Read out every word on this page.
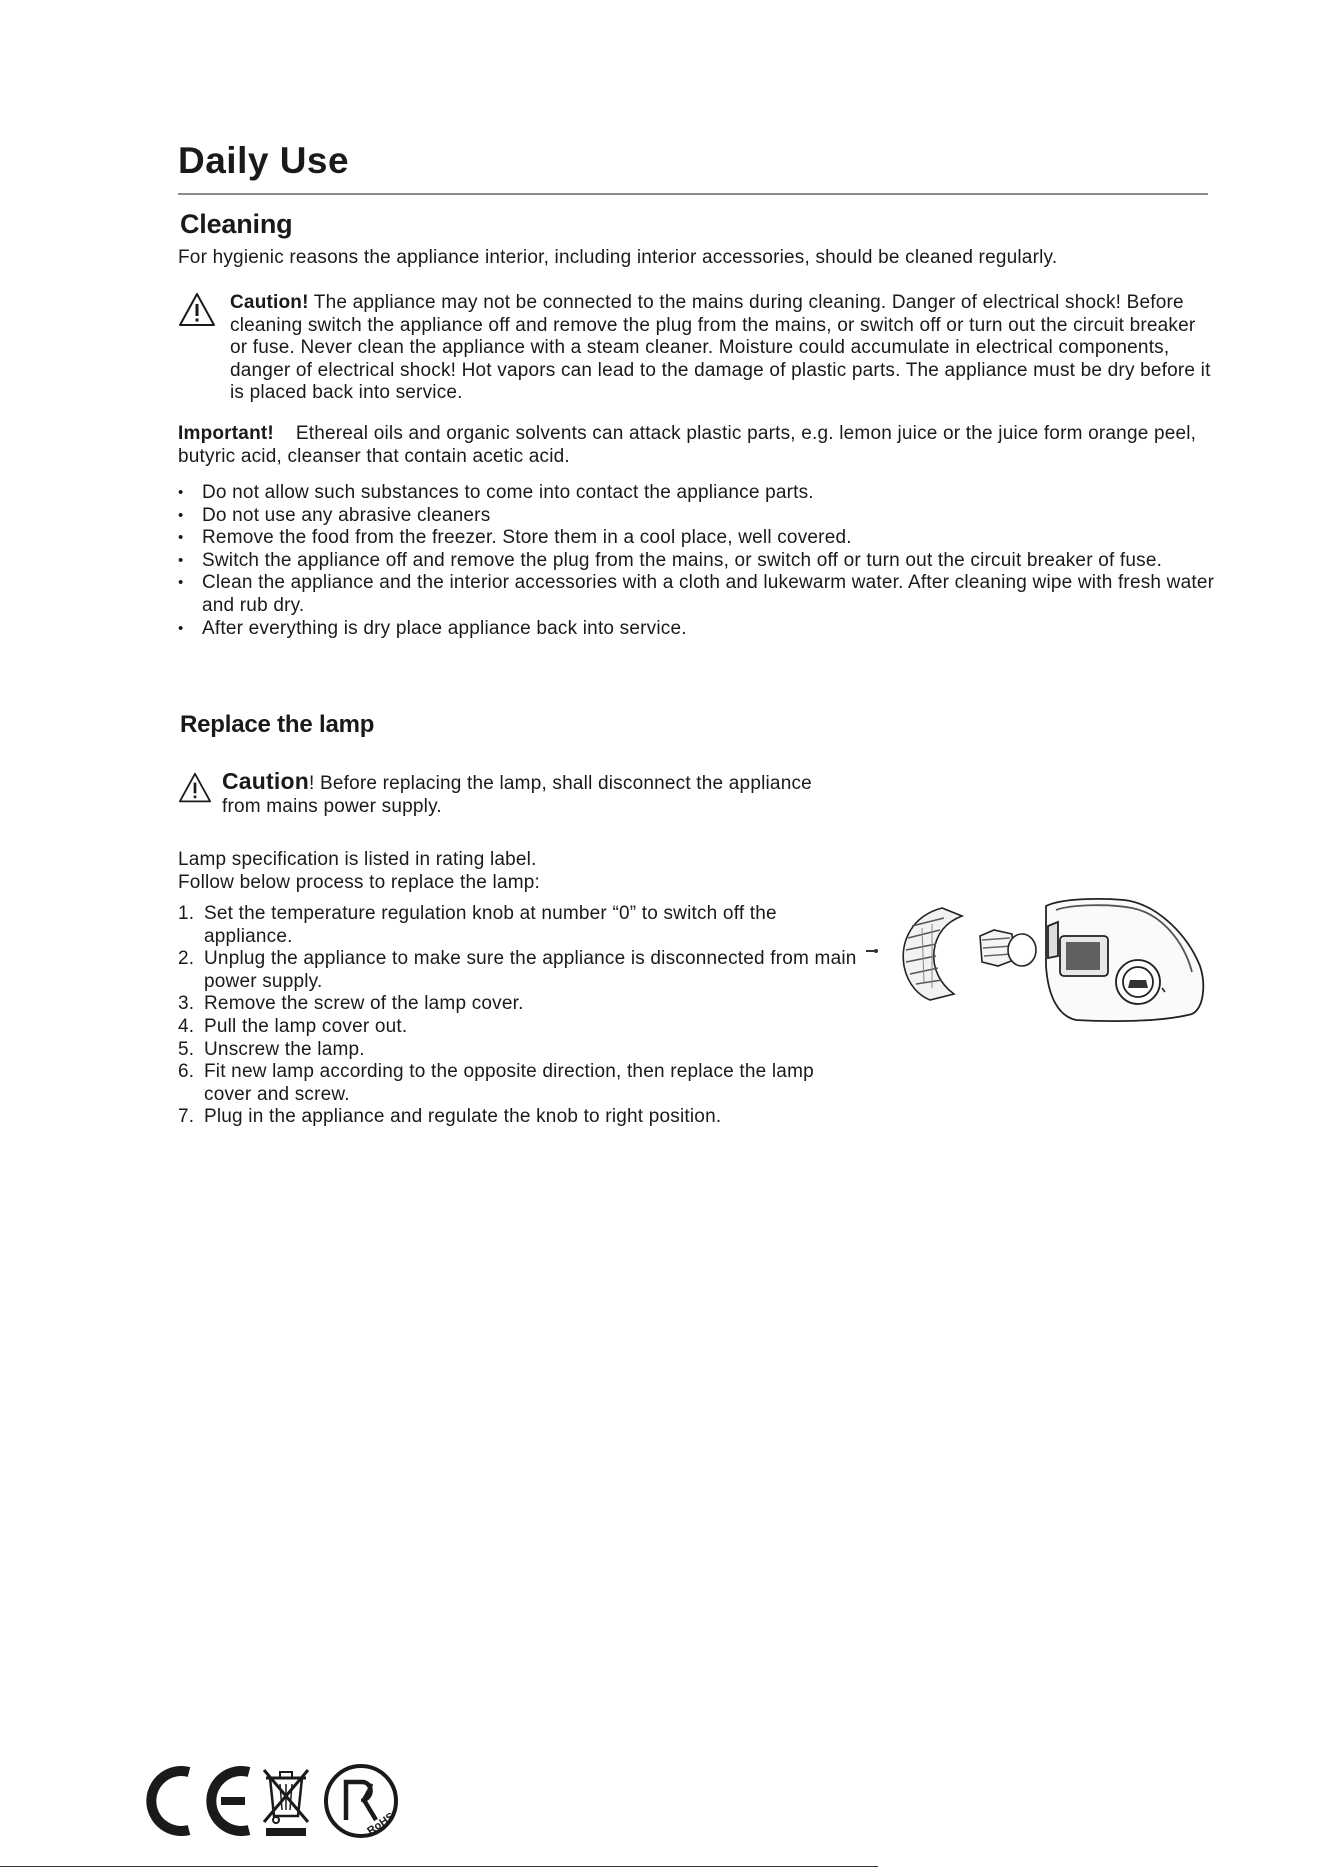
Daily Use
Cleaning

For hygienic reasons the appliance interior, including interior accessories, should be cleaned regularly.

Caution! The appliance may not be connected to the mains during cleaning. Danger of electrical shock! Before cleaning switch the appliance off and remove the plug from the mains, or switch off or turn out the circuit breaker or fuse. Never clean the appliance with a steam cleaner. Moisture could accumulate in electrical components, danger of electrical shock! Hot vapors can lead to the damage of plastic parts. The appliance must be dry before it is placed back into service.

Important! Ethereal oils and organic solvents can attack plastic parts, e.g. lemon juice or the juice form orange peel, butyric acid, cleanser that contain acetic acid.

• Do not allow such substances to come into contact the appliance parts.
• Do not use any abrasive cleaners
• Remove the food from the freezer. Store them in a cool place, well covered.
• Switch the appliance off and remove the plug from the mains, or switch off or turn out the circuit breaker of fuse.
• Clean the appliance and the interior accessories with a cloth and lukewarm water. After cleaning wipe with fresh water and rub dry.
• After everything is dry place appliance back into service.
Replace the lamp
Caution! Before replacing the lamp, shall disconnect the appliance from mains power supply.

Lamp specification is listed in rating label.

Follow below process to replace the lamp:

1. Set the temperature regulation knob at number “0” to switch off the appliance.
2. Unplug the appliance to make sure the appliance is disconnected from main power supply.
3. Remove the screw of the lamp cover.
4. Pull the lamp cover out.
5. Unscrew the lamp.
6. Fit new lamp according to the opposite direction, then replace the lamp cover and screw.
7. Plug in the appliance and regulate the knob to right position.
RoHS
